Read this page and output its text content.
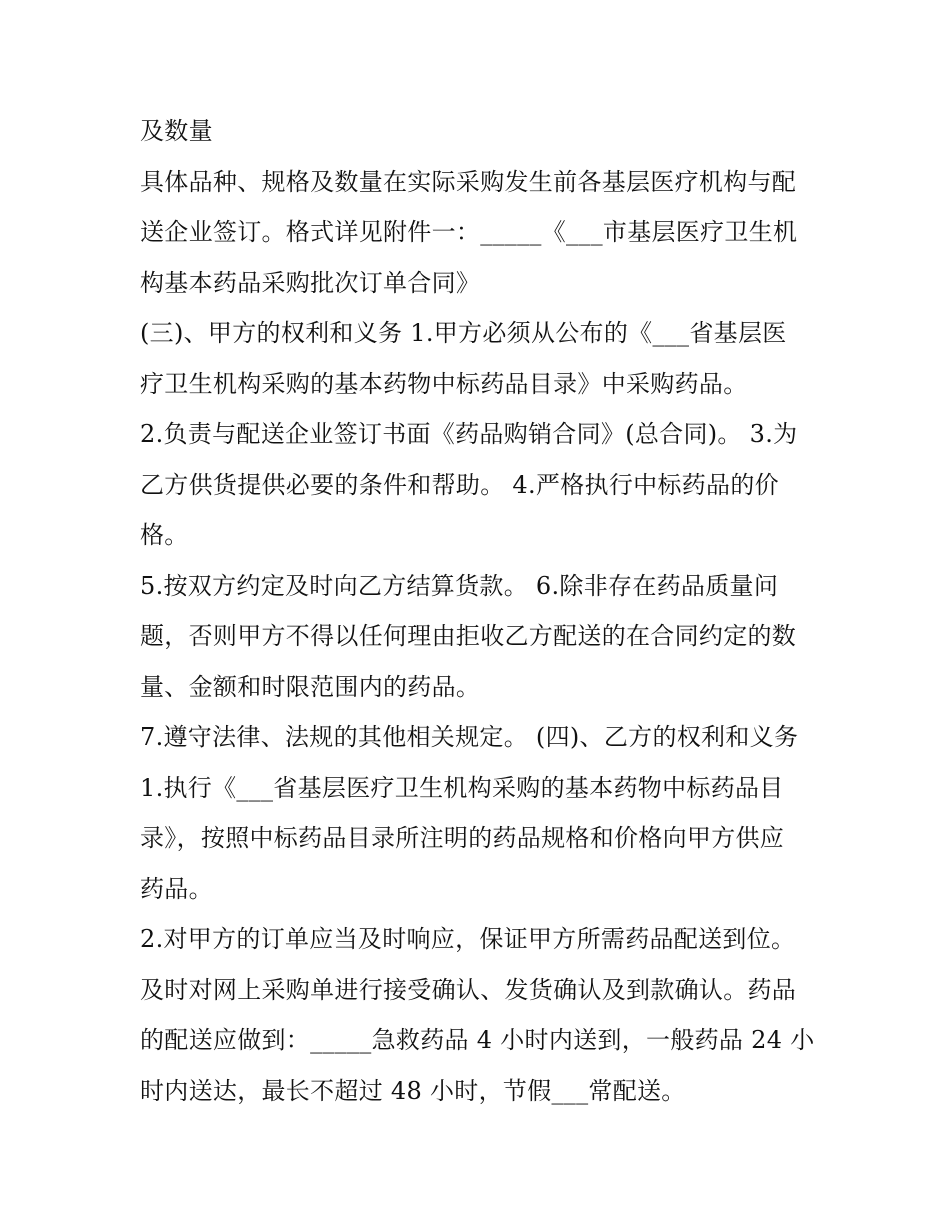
及数量
具体品种、规格及数量在实际采购发生前各基层医疗机构与配
送企业签订。格式详见附件一：_____《___市基层医疗卫生机
构基本药品采购批次订单合同》
(三)、甲方的权利和义务 1.甲方必须从公布的《___省基层医
疗卫生机构采购的基本药物中标药品目录》中采购药品。
2.负责与配送企业签订书面《药品购销合同》(总合同)。 3.为
乙方供货提供必要的条件和帮助。 4.严格执行中标药品的价
格。
5.按双方约定及时向乙方结算货款。 6.除非存在药品质量问
题，否则甲方不得以任何理由拒收乙方配送的在合同约定的数
量、金额和时限范围内的药品。
7.遵守法律、法规的其他相关规定。 (四)、乙方的权利和义务
1.执行《___省基层医疗卫生机构采购的基本药物中标药品目
录》，按照中标药品目录所注明的药品规格和价格向甲方供应
药品。
2.对甲方的订单应当及时响应，保证甲方所需药品配送到位。
及时对网上采购单进行接受确认、发货确认及到款确认。药品
的配送应做到：_____急救药品 4 小时内送到，一般药品 24 小
时内送达，最长不超过 48 小时，节假___常配送。
